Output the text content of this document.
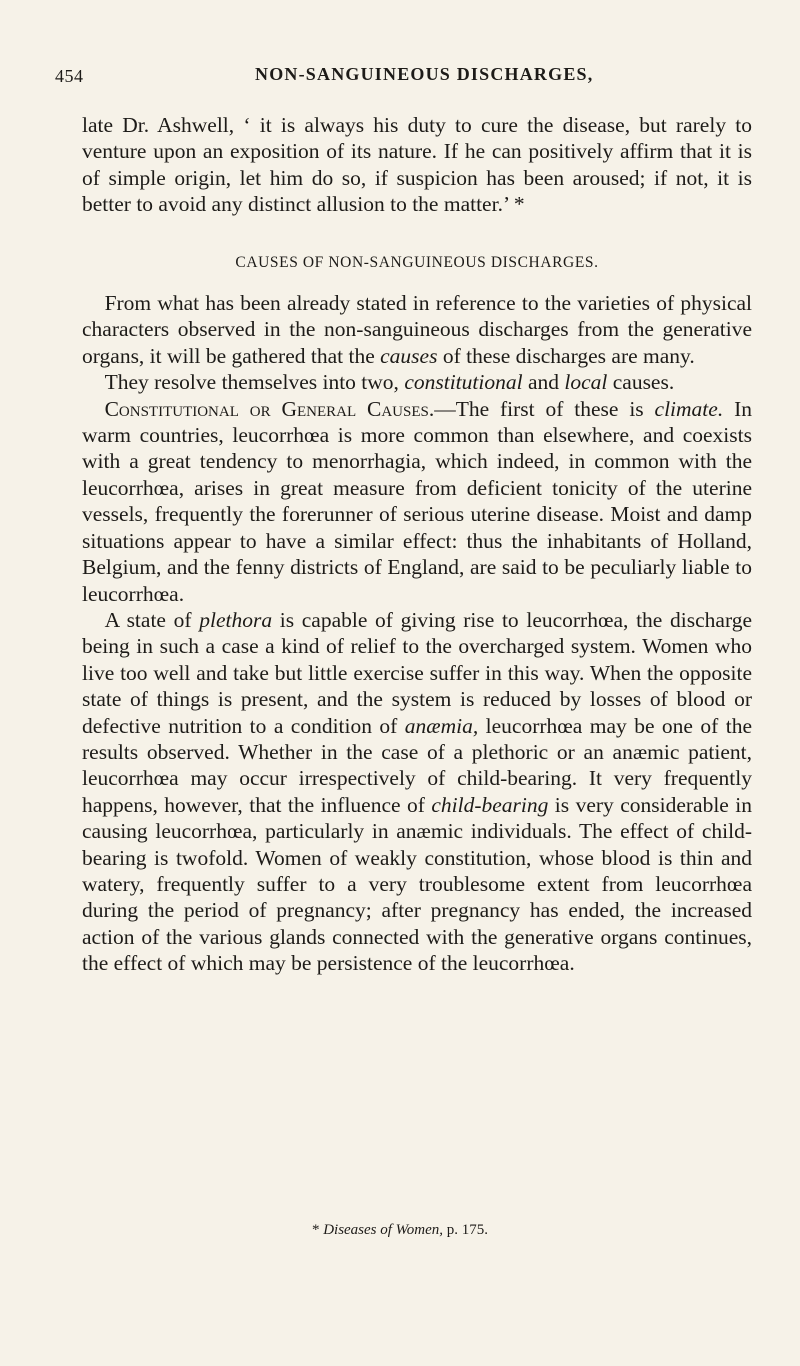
454	NON-SANGUINEOUS DISCHARGES,

late Dr. Ashwell, ‘ it is always his duty to cure the disease, but rarely to venture upon an exposition of its nature. If he can positively affirm that it is of simple origin, let him do so, if suspicion has been aroused; if not, it is better to avoid any distinct allusion to the matter.’ *

CAUSES OF NON-SANGUINEOUS DISCHARGES.

From what has been already stated in reference to the varieties of physical characters observed in the non-sanguineous discharges from the generative organs, it will be gathered that the causes of these discharges are many.

They resolve themselves into two, constitutional and local causes.

Constitutional or General Causes.—The first of these is climate. In warm countries, leucorrhœa is more common than elsewhere, and coexists with a great tendency to menorrhagia, which indeed, in common with the leucorrhœa, arises in great measure from deficient tonicity of the uterine vessels, frequently the forerunner of serious uterine disease. Moist and damp situations appear to have a similar effect: thus the inhabitants of Holland, Belgium, and the fenny districts of England, are said to be peculiarly liable to leucorrhœa.

A state of plethora is capable of giving rise to leucorrhœa, the discharge being in such a case a kind of relief to the overcharged system. Women who live too well and take but little exercise suffer in this way. When the opposite state of things is present, and the system is reduced by losses of blood or defective nutrition to a condition of anæmia, leucorrhœa may be one of the results observed. Whether in the case of a plethoric or an anæmic patient, leucorrhœa may occur irrespectively of child-bearing. It very frequently happens, however, that the influence of child-bearing is very considerable in causing leucorrhœa, particularly in anæmic individuals. The effect of child-bearing is twofold. Women of weakly constitution, whose blood is thin and watery, frequently suffer to a very troublesome extent from leucorrhœa during the period of pregnancy; after pregnancy has ended, the increased action of the various glands connected with the generative organs continues, the effect of which may be persistence of the leucorrhœa.

* Diseases of Women, p. 175.
